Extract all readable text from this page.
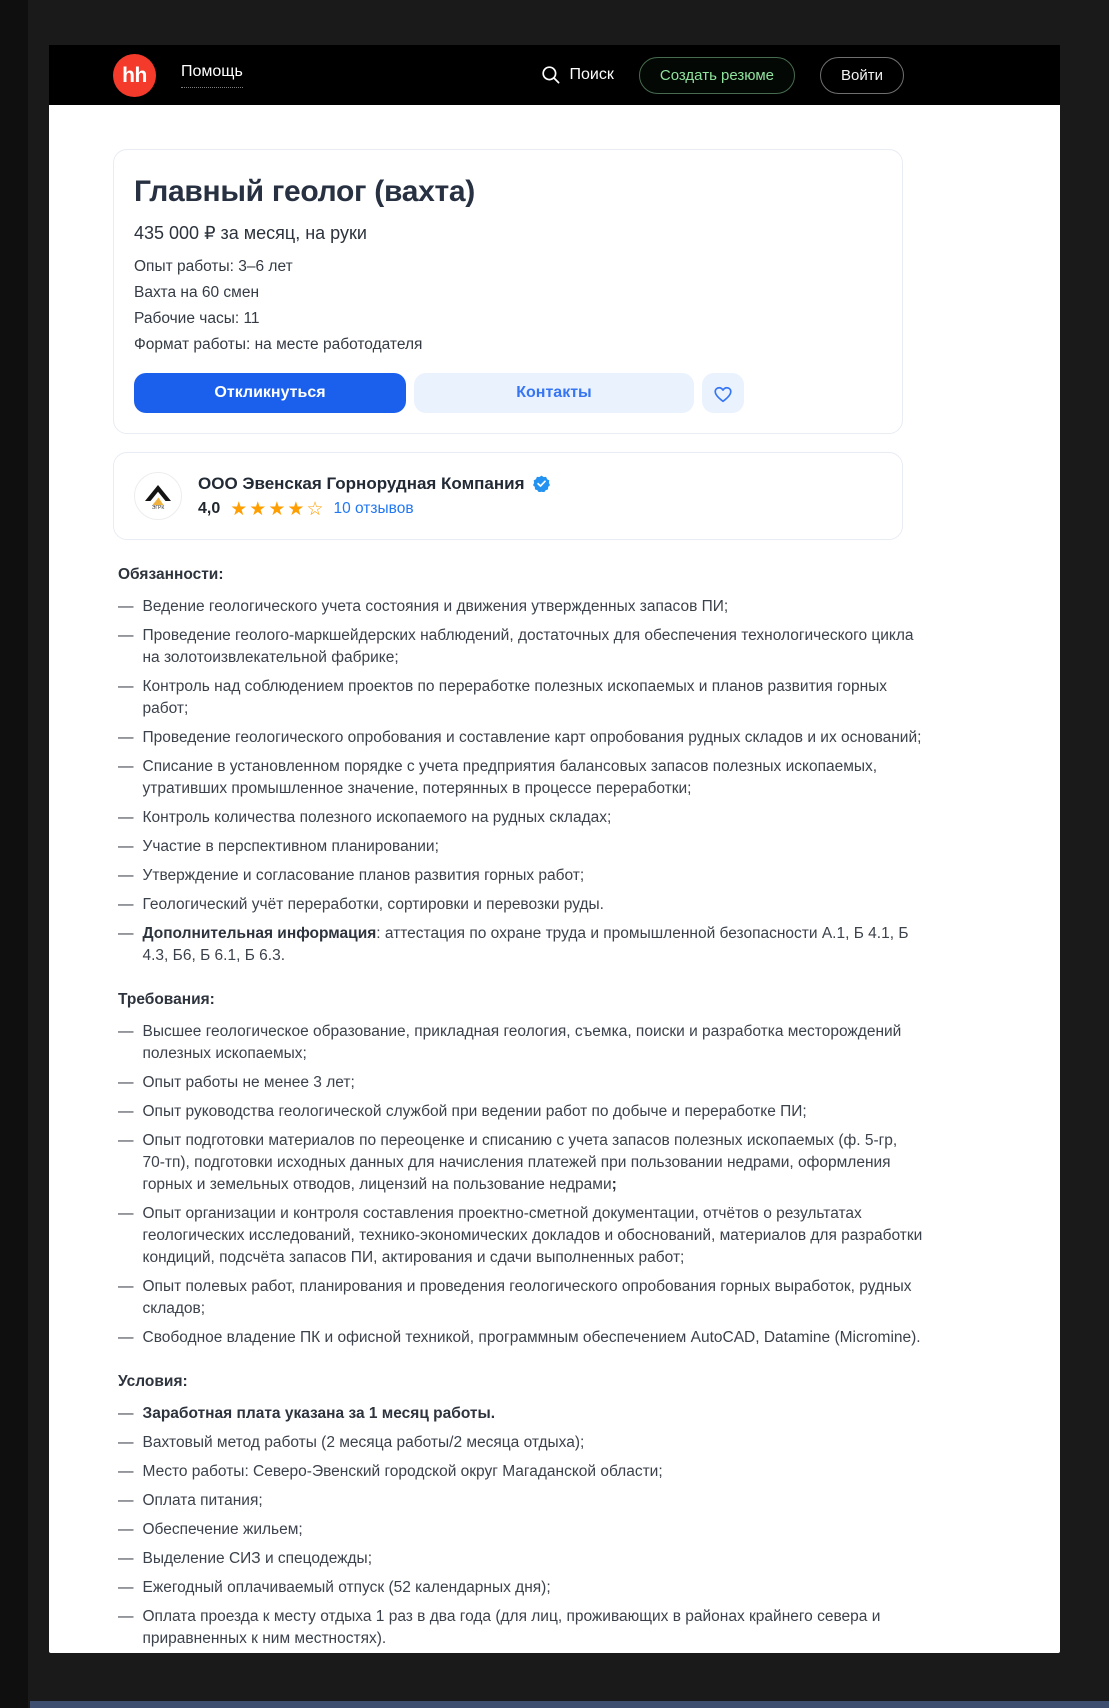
hh Помощь	Поиск	Создать резюме	Войти
Главный геолог (вахта)
435 000 ₽ за месяц, на руки
Опыт работы: 3–6 лет
Вахта на 60 смен
Рабочие часы: 11
Формат работы: на месте работодателя
Откликнуться	Контакты
ЭГРК
ООО Эвенская Горнорудная Компания
4,0 ★ ★ ★ ★ ☆ 10 отзывов
Обязанности:
— Ведение геологического учета состояния и движения утвержденных запасов ПИ;
— Проведение геолого-маркшейдерских наблюдений, достаточных для обеспечения технологического цикла на золотоизвлекательной фабрике;
— Контроль над соблюдением проектов по переработке полезных ископаемых и планов развития горных работ;
— Проведение геологического опробования и составление карт опробования рудных складов и их оснований;
— Списание в установленном порядке с учета предприятия балансовых запасов полезных ископаемых, утративших промышленное значение, потерянных в процессе переработки;
— Контроль количества полезного ископаемого на рудных складах;
— Участие в перспективном планировании;
— Утверждение и согласование планов развития горных работ;
— Геологический учёт переработки, сортировки и перевозки руды.
— Дополнительная информация: аттестация по охране труда и промышленной безопасности А.1, Б 4.1, Б 4.3, Б6, Б 6.1, Б 6.3.
Требования:
— Высшее геологическое образование, прикладная геология, съемка, поиски и разработка месторождений полезных ископаемых;
— Опыт работы не менее 3 лет;
— Опыт руководства геологической службой при ведении работ по добыче и переработке ПИ;
— Опыт подготовки материалов по переоценке и списанию с учета запасов полезных ископаемых (ф. 5-гр, 70-тп), подготовки исходных данных для начисления платежей при пользовании недрами, оформления горных и земельных отводов, лицензий на пользование недрами;
— Опыт организации и контроля составления проектно-сметной документации, отчётов о результатах геологических исследований, технико-экономических докладов и обоснований, материалов для разработки кондиций, подсчёта запасов ПИ, актирования и сдачи выполненных работ;
— Опыт полевых работ, планирования и проведения геологического опробования горных выработок, рудных складов;
— Свободное владение ПК и офисной техникой, программным обеспечением AutoCAD, Datamine (Micromine).
Условия:
— Заработная плата указана за 1 месяц работы.
— Вахтовый метод работы (2 месяца работы/2 месяца отдыха);
— Место работы: Северо-Эвенский городской округ Магаданской области;
— Оплата питания;
— Обеспечение жильем;
— Выделение СИЗ и спецодежды;
— Ежегодный оплачиваемый отпуск (52 календарных дня);
— Оплата проезда к месту отдыха 1 раз в два года (для лиц, проживающих в районах крайнего севера и приравненных к ним местностях).
